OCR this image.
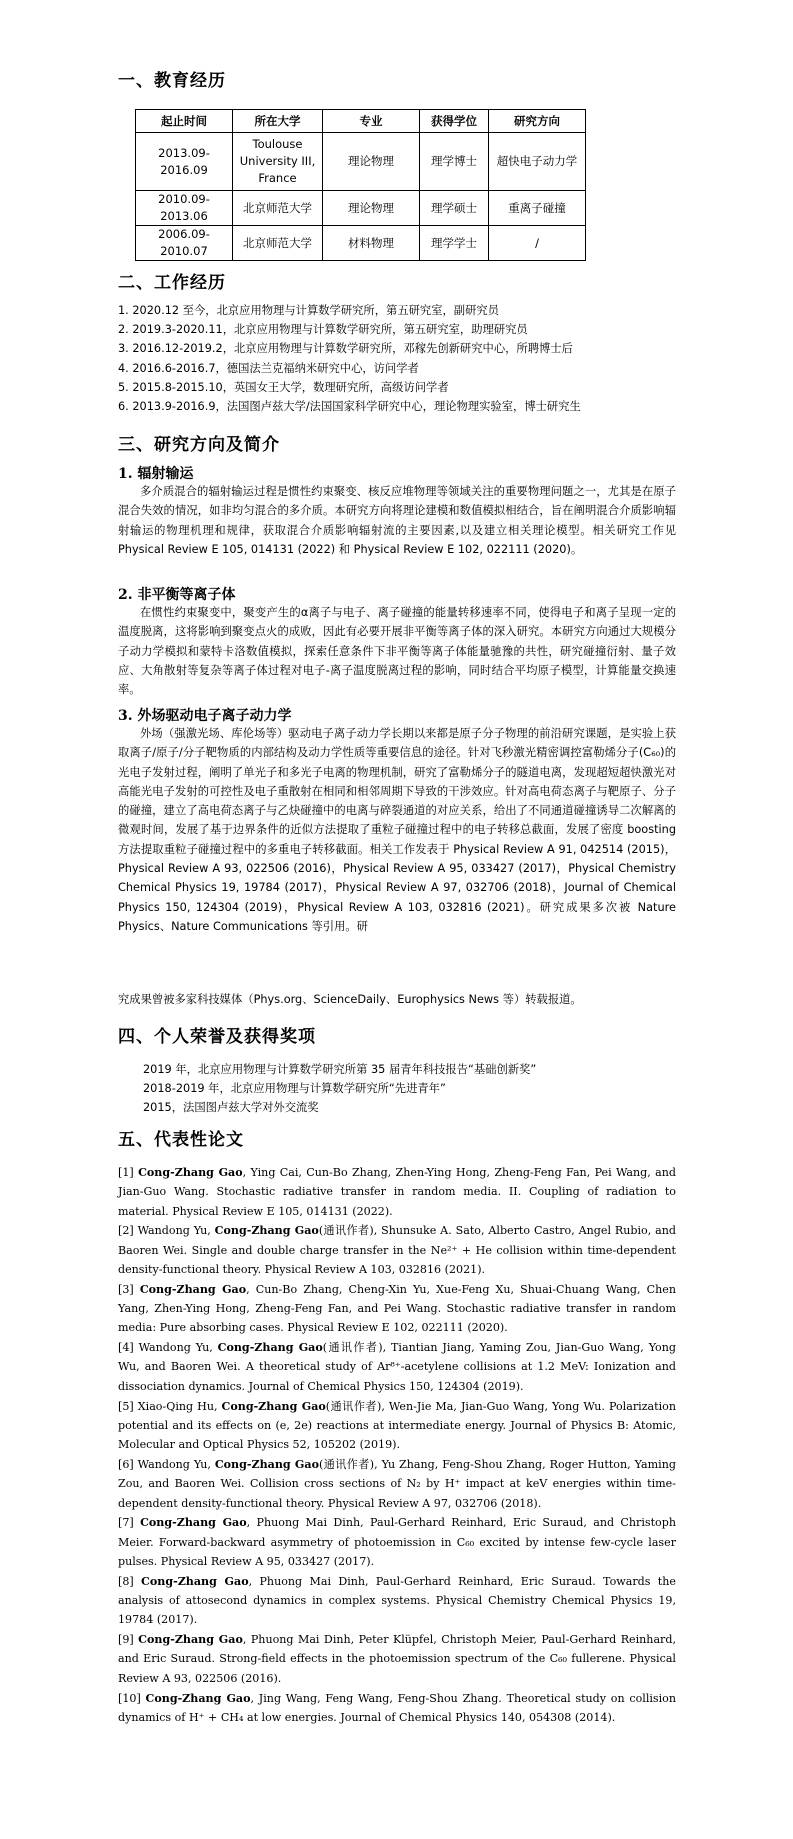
一、教育经历
起止时间	所在大学	专业	获得学位	研究方向
2013.09-2016.09	Toulouse University III, France	理论物理	理学博士	超快电子动力学
2010.09-2013.06	北京师范大学	理论物理	理学硕士	重离子碰撞
2006.09-2010.07	北京师范大学	材料物理	理学学士	/
二、工作经历
1. 2020.12 至今，北京应用物理与计算数学研究所，第五研究室，副研究员
2. 2019.3-2020.11，北京应用物理与计算数学研究所，第五研究室，助理研究员
3. 2016.12-2019.2，北京应用物理与计算数学研究所，邓稼先创新研究中心，所聘博士后
4. 2016.6-2016.7，德国法兰克福纳米研究中心，访问学者
5. 2015.8-2015.10，英国女王大学，数理研究所，高级访问学者
6. 2013.9-2016.9，法国图卢兹大学/法国国家科学研究中心，理论物理实验室，博士研究生
三、研究方向及简介
1. 辐射输运
多介质混合的辐射输运过程是惯性约束聚变、核反应堆物理等领域关注的重要物理问题之一，尤其是在原子混合失效的情况，如非均匀混合的多介质。本研究方向将理论建模和数值模拟相结合，旨在阐明混合介质影响辐射输运的物理机理和规律，获取混合介质影响辐射流的主要因素,以及建立相关理论模型。相关研究工作见 Physical Review E 105, 014131 (2022) 和 Physical Review E 102, 022111 (2020)。
2. 非平衡等离子体
在惯性约束聚变中，聚变产生的α离子与电子、离子碰撞的能量转移速率不同，使得电子和离子呈现一定的温度脱离，这将影响到聚变点火的成败，因此有必要开展非平衡等离子体的深入研究。本研究方向通过大规模分子动力学模拟和蒙特卡洛数值模拟，探索任意条件下非平衡等离子体能量驰豫的共性，研究碰撞衍射、量子效应、大角散射等复杂等离子体过程对电子-离子温度脱离过程的影响，同时结合平均原子模型，计算能量交换速率。
3. 外场驱动电子离子动力学
外场（强激光场、库伦场等）驱动电子离子动力学长期以来都是原子分子物理的前沿研究课题，是实验上获取离子/原子/分子靶物质的内部结构及动力学性质等重要信息的途径。针对飞秒激光精密调控富勒烯分子(C₆₀)的光电子发射过程，阐明了单光子和多光子电离的物理机制，研究了富勒烯分子的隧道电离，发现超短超快激光对高能光电子发射的可控性及电子重散射在相同和相邻周期下导致的干涉效应。针对高电荷态离子与靶原子、分子的碰撞，建立了高电荷态离子与乙炔碰撞中的电离与碎裂通道的对应关系，给出了不同通道碰撞诱导二次解离的微观时间，发展了基于边界条件的近似方法提取了重粒子碰撞过程中的电子转移总截面，发展了密度 boosting 方法提取重粒子碰撞过程中的多重电子转移截面。相关工作发表于 Physical Review A 91, 042514 (2015)，Physical Review A 93, 022506 (2016)，Physical Review A 95, 033427 (2017)，Physical Chemistry Chemical Physics 19, 19784 (2017)，Physical Review A 97, 032706 (2018)，Journal of Chemical Physics 150, 124304 (2019)，Physical Review A 103, 032816 (2021)。研究成果多次被 Nature Physics、Nature Communications 等引用。研
究成果曾被多家科技媒体（Phys.org、ScienceDaily、Europhysics News 等）转载报道。
四、个人荣誉及获得奖项
2019 年，北京应用物理与计算数学研究所第 35 届青年科技报告“基础创新奖”
2018-2019 年，北京应用物理与计算数学研究所“先进青年”
2015，法国图卢兹大学对外交流奖
五、代表性论文
[1] Cong-Zhang Gao, Ying Cai, Cun-Bo Zhang, Zhen-Ying Hong, Zheng-Feng Fan, Pei Wang, and Jian-Guo Wang. Stochastic radiative transfer in random media. II. Coupling of radiation to material. Physical Review E 105, 014131 (2022).
[2] Wandong Yu, Cong-Zhang Gao(通讯作者), Shunsuke A. Sato, Alberto Castro, Angel Rubio, and Baoren Wei. Single and double charge transfer in the Ne²⁺ + He collision within time-dependent density-functional theory. Physical Review A 103, 032816 (2021).
[3] Cong-Zhang Gao, Cun-Bo Zhang, Cheng-Xin Yu, Xue-Feng Xu, Shuai-Chuang Wang, Chen Yang, Zhen-Ying Hong, Zheng-Feng Fan, and Pei Wang. Stochastic radiative transfer in random media: Pure absorbing cases. Physical Review E 102, 022111 (2020).
[4] Wandong Yu, Cong-Zhang Gao(通讯作者), Tiantian Jiang, Yaming Zou, Jian-Guo Wang, Yong Wu, and Baoren Wei. A theoretical study of Ar⁸⁺-acetylene collisions at 1.2 MeV: Ionization and dissociation dynamics. Journal of Chemical Physics 150, 124304 (2019).
[5] Xiao-Qing Hu, Cong-Zhang Gao(通讯作者), Wen-Jie Ma, Jian-Guo Wang, Yong Wu. Polarization potential and its effects on (e, 2e) reactions at intermediate energy. Journal of Physics B: Atomic, Molecular and Optical Physics 52, 105202 (2019).
[6] Wandong Yu, Cong-Zhang Gao(通讯作者), Yu Zhang, Feng-Shou Zhang, Roger Hutton, Yaming Zou, and Baoren Wei. Collision cross sections of N₂ by H⁺ impact at keV energies within time-dependent density-functional theory. Physical Review A 97, 032706 (2018).
[7] Cong-Zhang Gao, Phuong Mai Dinh, Paul-Gerhard Reinhard, Eric Suraud, and Christoph Meier. Forward-backward asymmetry of photoemission in C₆₀ excited by intense few-cycle laser pulses. Physical Review A 95, 033427 (2017).
[8] Cong-Zhang Gao, Phuong Mai Dinh, Paul-Gerhard Reinhard, Eric Suraud. Towards the analysis of attosecond dynamics in complex systems. Physical Chemistry Chemical Physics 19, 19784 (2017).
[9] Cong-Zhang Gao, Phuong Mai Dinh, Peter Klüpfel, Christoph Meier, Paul-Gerhard Reinhard, and Eric Suraud. Strong-field effects in the photoemission spectrum of the C₆₀ fullerene. Physical Review A 93, 022506 (2016).
[10] Cong-Zhang Gao, Jing Wang, Feng Wang, Feng-Shou Zhang. Theoretical study on collision dynamics of H⁺ + CH₄ at low energies. Journal of Chemical Physics 140, 054308 (2014).
